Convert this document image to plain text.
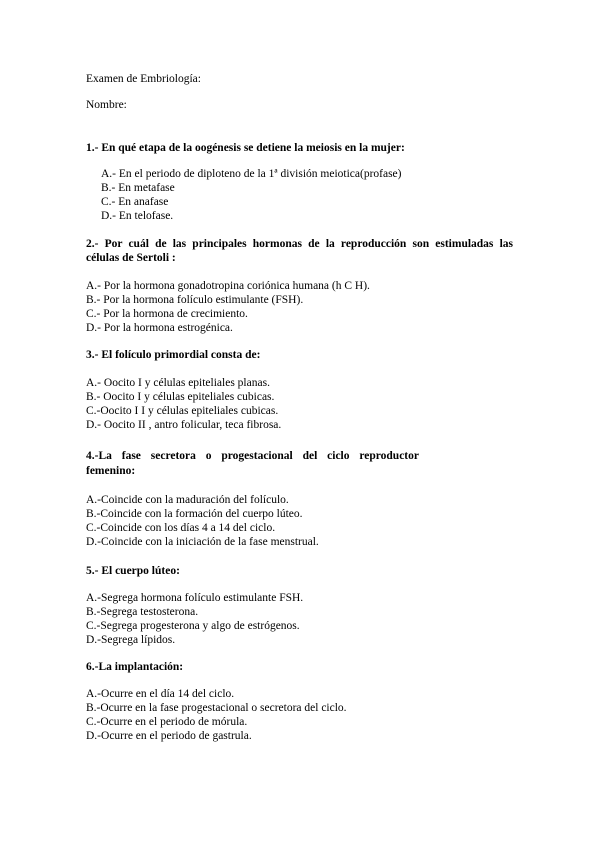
Examen de Embriología:
Nombre:
1.- En qué etapa de la oogénesis se detiene la meiosis en la mujer:
A.- En el periodo de diploteno de la 1ª división meiotica(profase)
B.- En metafase
C.- En anafase
D.- En telofase.
2.- Por cuál de las principales hormonas de la reproducción son estimuladas las
células de Sertoli :
A.- Por la hormona gonadotropina coriónica humana (h C H).
B.- Por la hormona folículo estimulante (FSH).
C.- Por la hormona de crecimiento.
D.- Por la hormona estrogénica.
3.- El folículo primordial consta de:
A.- Oocito I y células epiteliales planas.
B.- Oocito I y células epiteliales cubicas.
C.-Oocito I I y células epiteliales cubicas.
D.- Oocito II , antro folicular, teca fibrosa.
4.-La fase secretora o progestacional del ciclo reproductor
femenino:
A.-Coincide con la maduración del folículo.
B.-Coincide con la formación del cuerpo lúteo.
C.-Coincide con los días 4 a 14 del ciclo.
D.-Coincide con la iniciación de la fase menstrual.
5.- El cuerpo lúteo:
A.-Segrega hormona folículo estimulante FSH.
B.-Segrega testosterona.
C.-Segrega progesterona y algo de estrógenos.
D.-Segrega lípidos.
6.-La implantación:
A.-Ocurre en el día 14 del ciclo.
B.-Ocurre en la fase progestacional o secretora del ciclo.
C.-Ocurre en el periodo de mórula.
D.-Ocurre en el periodo de gastrula.
